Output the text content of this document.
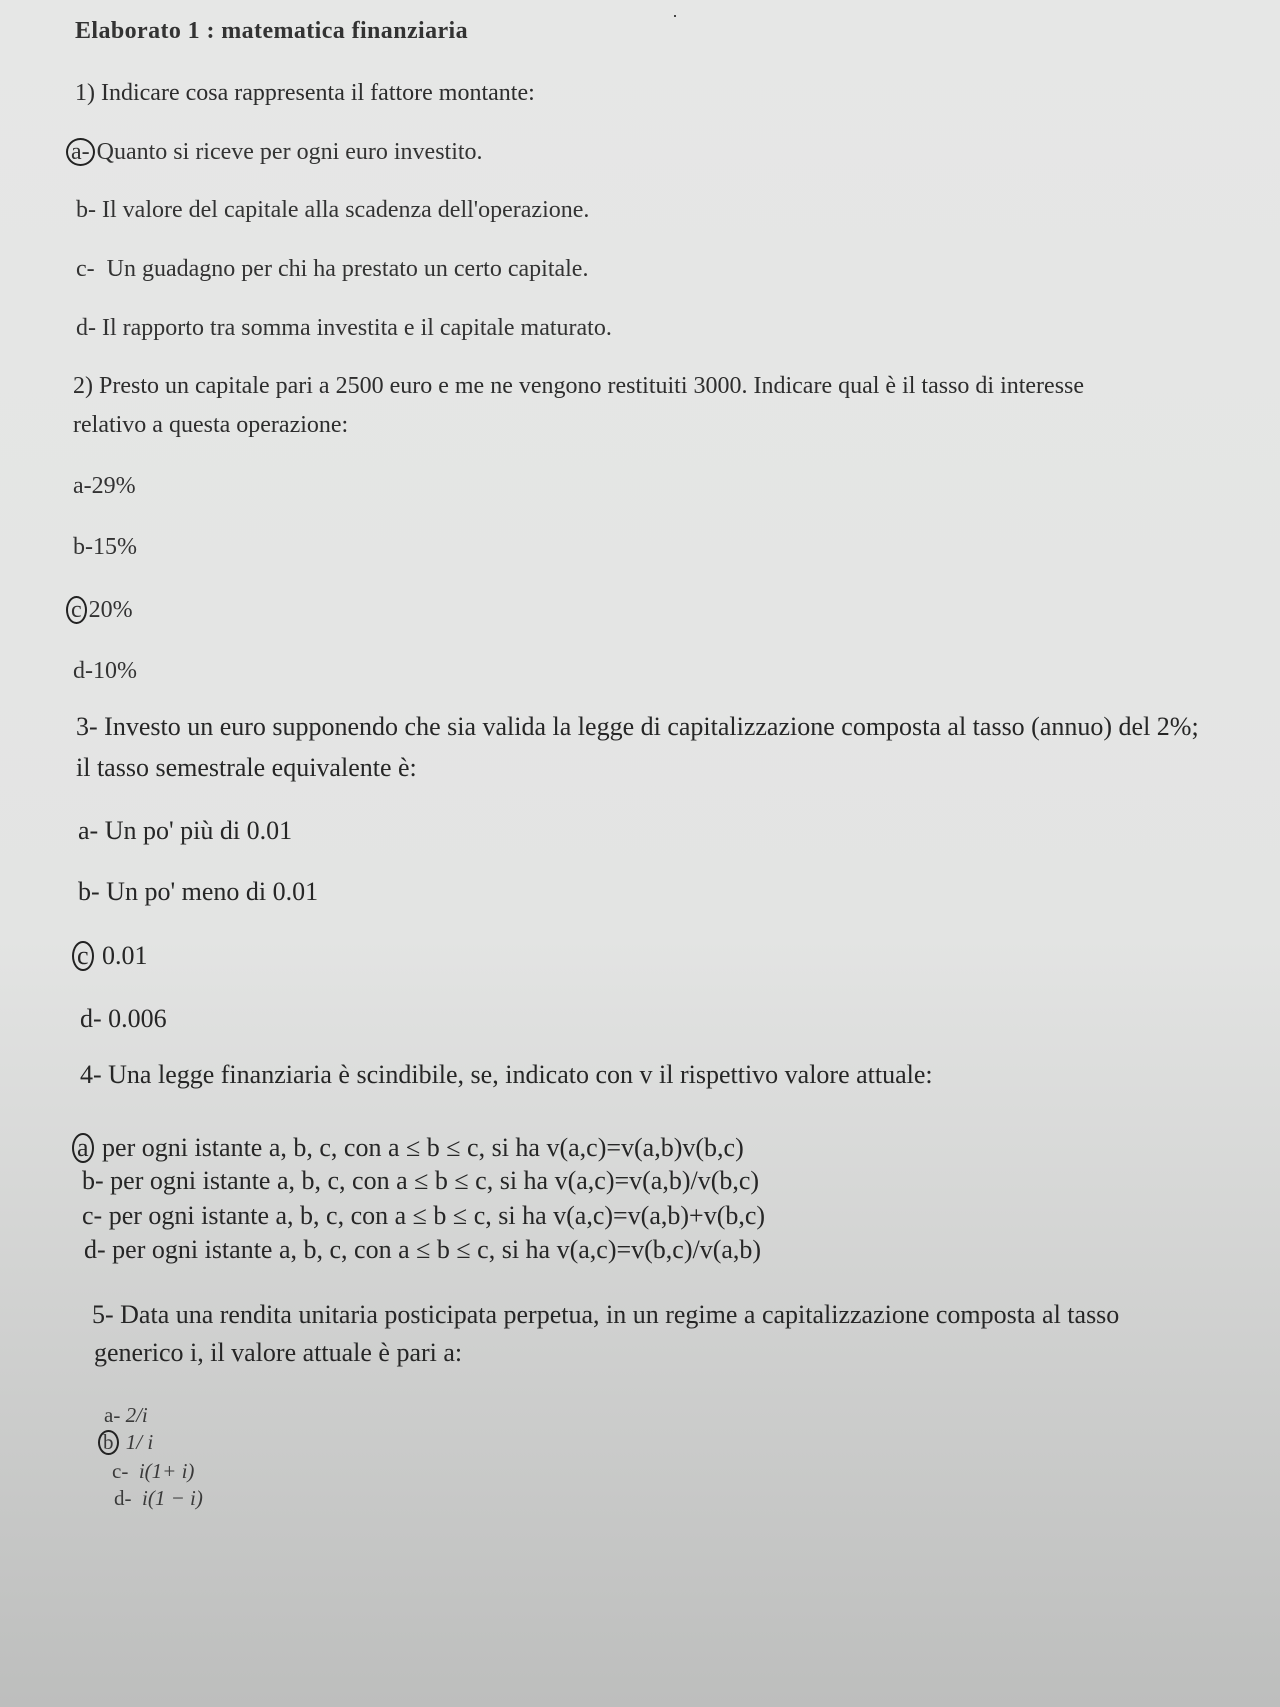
Elaborato 1 : matematica finanziaria
1) Indicare cosa rappresenta il fattore montante:
a- Quanto si riceve per ogni euro investito.
b- Il valore del capitale alla scadenza dell'operazione.
c- Un guadagno per chi ha prestato un certo capitale.
d- Il rapporto tra somma investita e il capitale maturato.
2) Presto un capitale pari a 2500 euro e me ne vengono restituiti 3000. Indicare qual è il tasso di interesse
relativo a questa operazione:
a-29%
b-15%
c 20%
d-10%
3- Investo un euro supponendo che sia valida la legge di capitalizzazione composta al tasso (annuo) del 2%;
il tasso semestrale equivalente è:
a- Un po' più di 0.01
b- Un po' meno di 0.01
c 0.01
d- 0.006
4- Una legge finanziaria è scindibile, se, indicato con v il rispettivo valore attuale:
a per ogni istante a, b, c, con a ≤ b ≤ c, si ha v(a,c)=v(a,b)v(b,c)
b- per ogni istante a, b, c, con a ≤ b ≤ c, si ha v(a,c)=v(a,b)/v(b,c)
c- per ogni istante a, b, c, con a ≤ b ≤ c, si ha v(a,c)=v(a,b)+v(b,c)
d- per ogni istante a, b, c, con a ≤ b ≤ c, si ha v(a,c)=v(b,c)/v(a,b)
5- Data una rendita unitaria posticipata perpetua, in un regime a capitalizzazione composta al tasso
generico i, il valore attuale è pari a:
a- 2/i
b 1/ i
c- i(1+ i)
d- i(1 − i)
